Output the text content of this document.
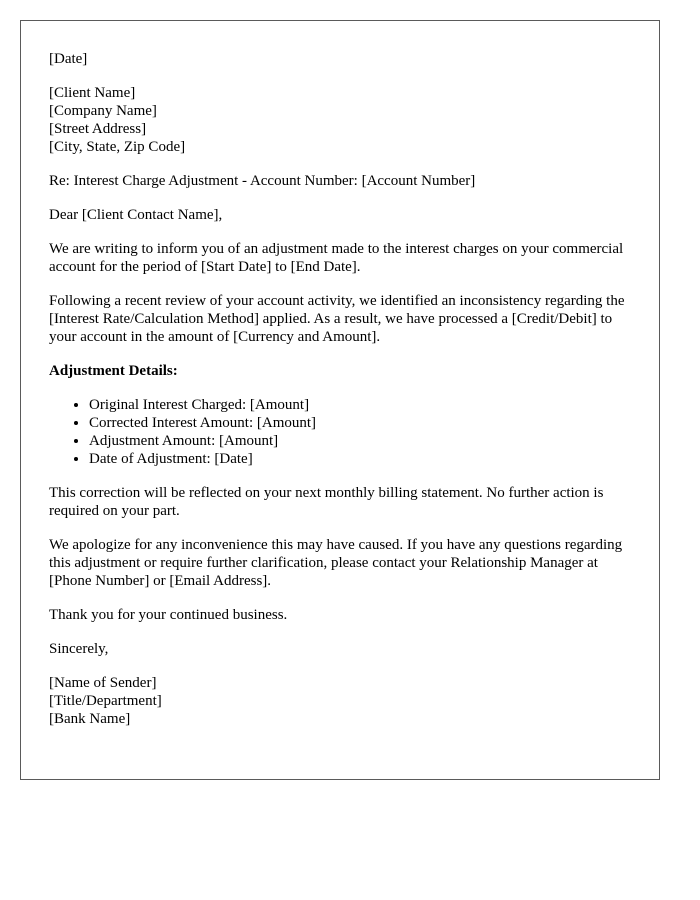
[Date]

[Client Name]
[Company Name]
[Street Address]
[City, State, Zip Code]

Re: Interest Charge Adjustment - Account Number: [Account Number]

Dear [Client Contact Name],

We are writing to inform you of an adjustment made to the interest charges on your commercial account for the period of [Start Date] to [End Date].

Following a recent review of your account activity, we identified an inconsistency regarding the [Interest Rate/Calculation Method] applied. As a result, we have processed a [Credit/Debit] to your account in the amount of [Currency and Amount].

Adjustment Details:

• Original Interest Charged: [Amount]
• Corrected Interest Amount: [Amount]
• Adjustment Amount: [Amount]
• Date of Adjustment: [Date]

This correction will be reflected on your next monthly billing statement. No further action is required on your part.

We apologize for any inconvenience this may have caused. If you have any questions regarding this adjustment or require further clarification, please contact your Relationship Manager at [Phone Number] or [Email Address].

Thank you for your continued business.

Sincerely,

[Name of Sender]
[Title/Department]
[Bank Name]
